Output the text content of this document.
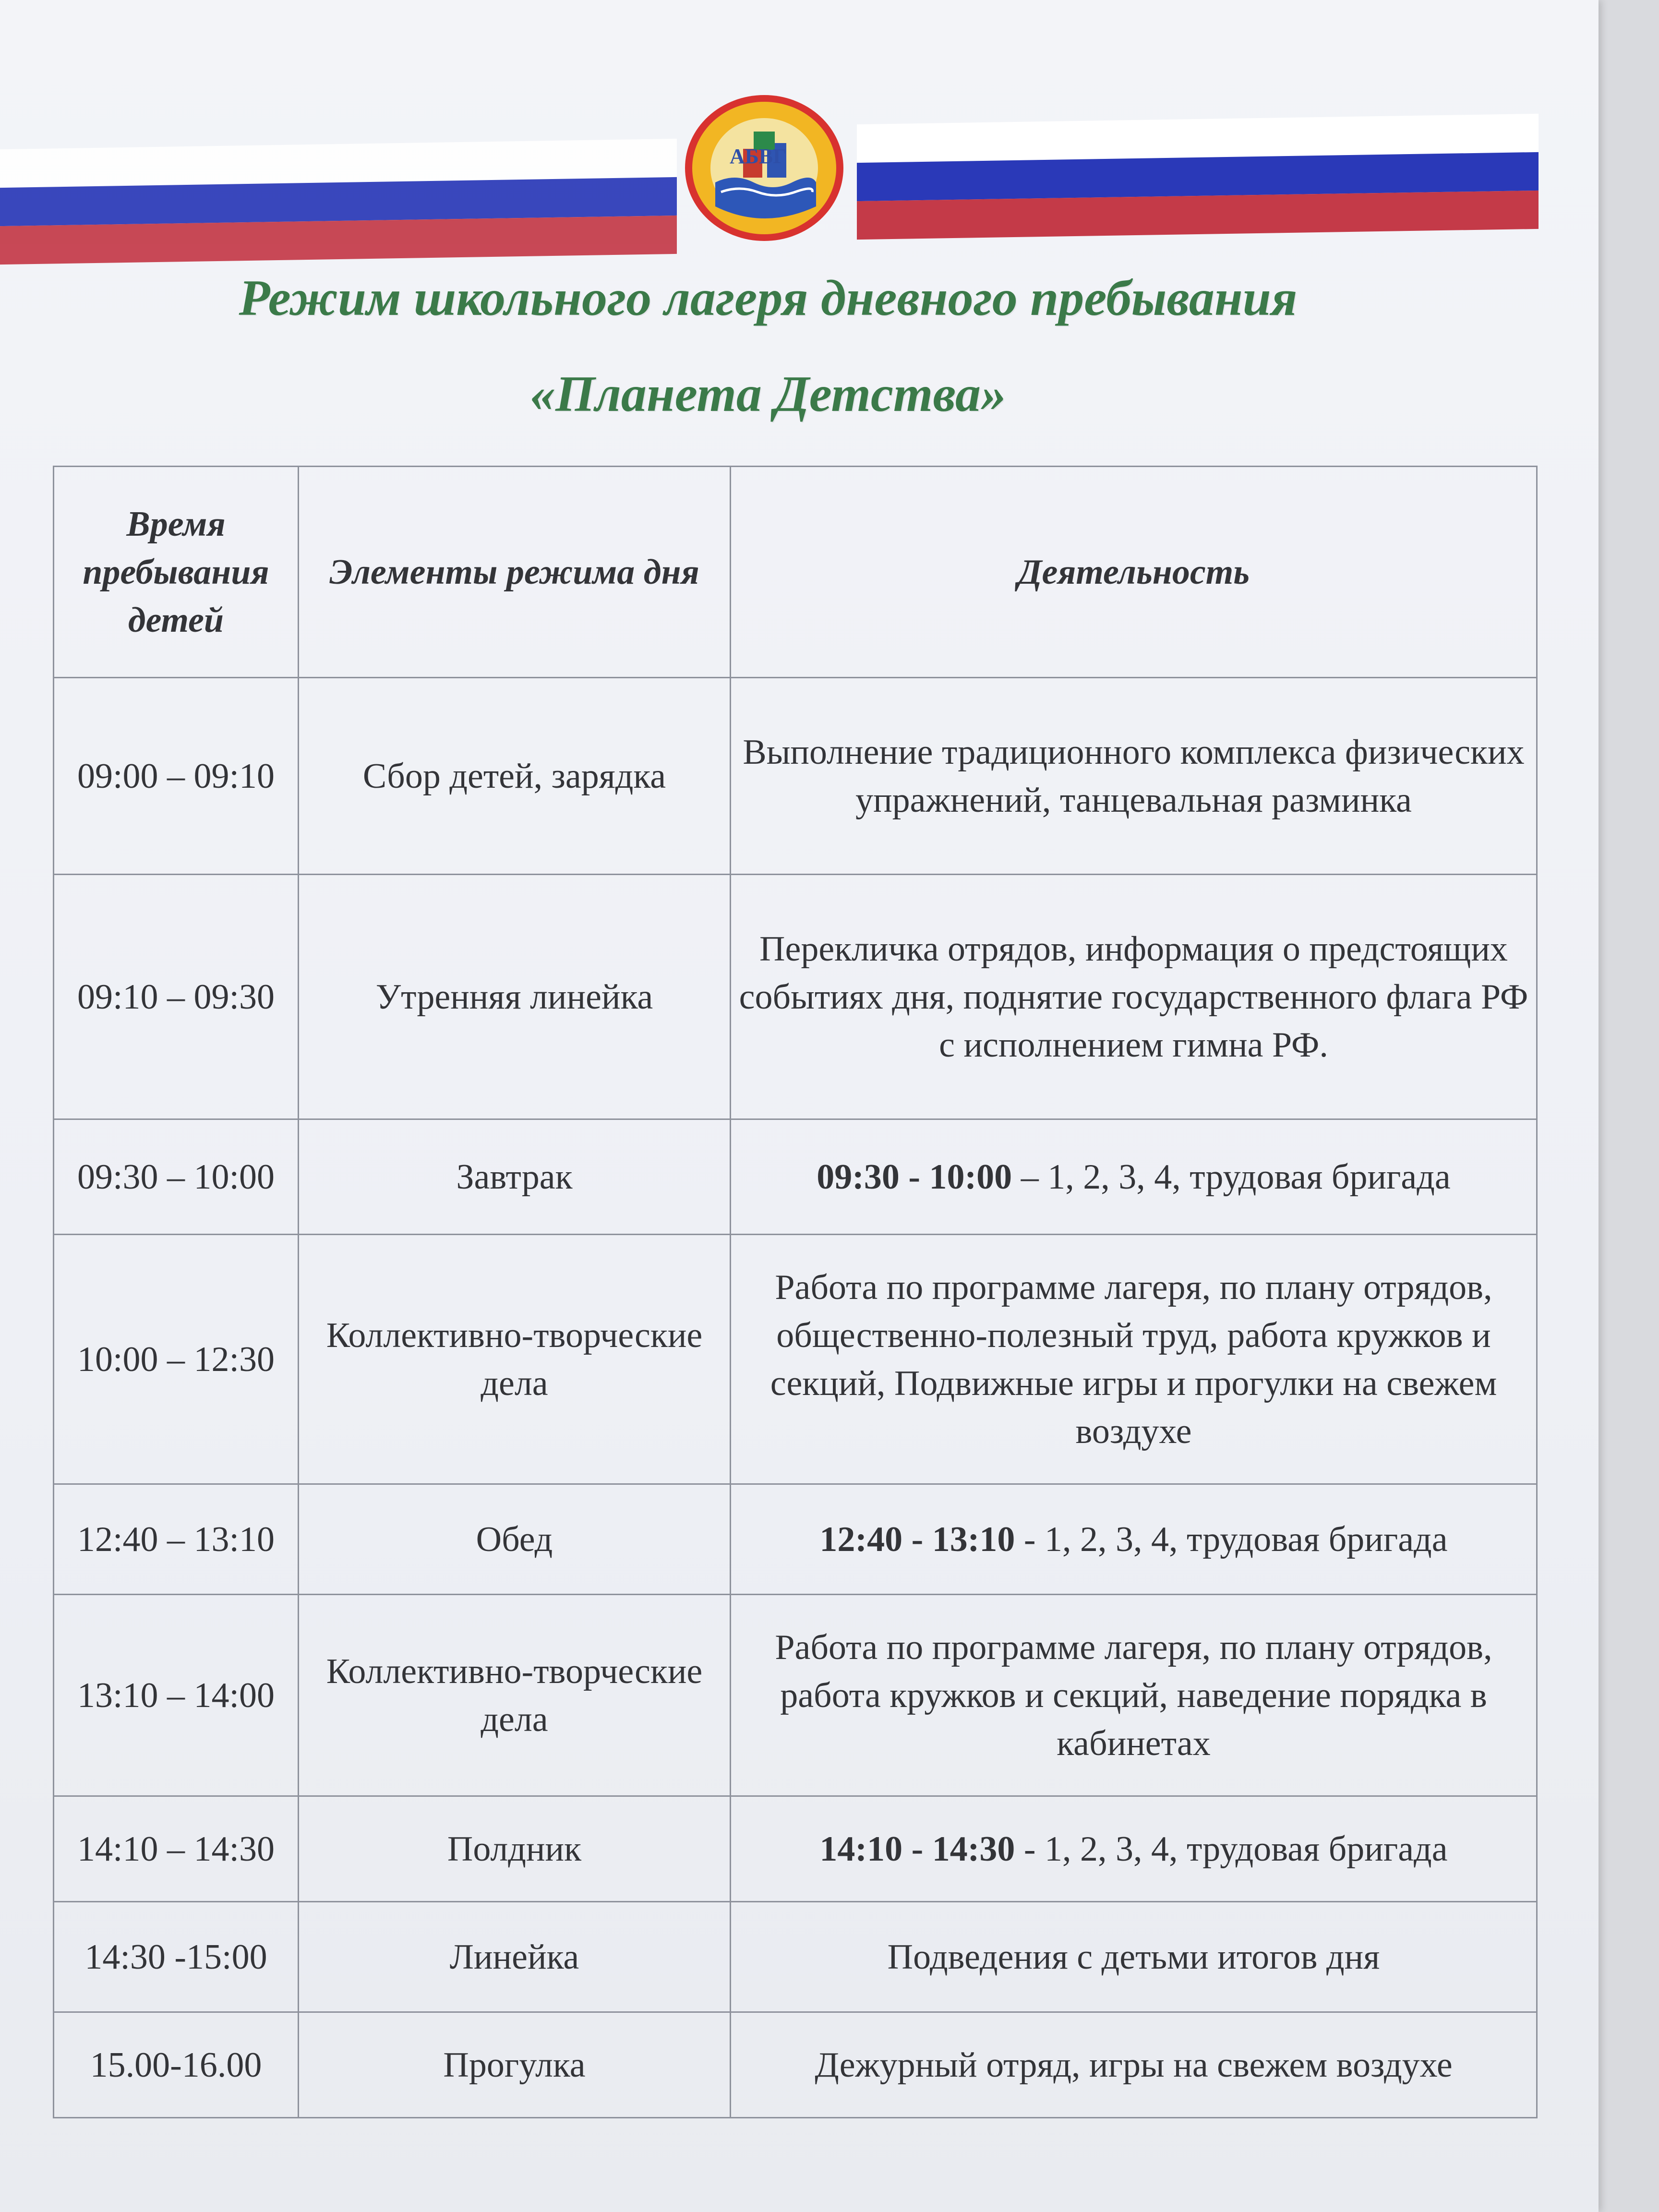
АБВГ
Режим школьного лагеря дневного пребывания
«Планета Детства»
Время пребывания детей	Элементы режима дня	Деятельность
09:00 – 09:10	Сбор детей, зарядка	Выполнение традиционного комплекса физических упражнений, танцевальная разминка
09:10 – 09:30	Утренняя линейка	Перекличка отрядов, информация о предстоящих событиях дня, поднятие государственного флага РФ с исполнением гимна РФ.
09:30 – 10:00	Завтрак	09:30 - 10:00 – 1, 2, 3, 4, трудовая бригада
10:00 – 12:30	Коллективно-творческие дела	Работа по программе лагеря, по плану отрядов, общественно-полезный труд, работа кружков и секций, Подвижные игры и прогулки на свежем воздухе
12:40 – 13:10	Обед	12:40 - 13:10 - 1, 2, 3, 4, трудовая бригада
13:10 – 14:00	Коллективно-творческие дела	Работа по программе лагеря, по плану отрядов, работа кружков и секций, наведение порядка в кабинетах
14:10 – 14:30	Полдник	14:10 - 14:30 - 1, 2, 3, 4, трудовая бригада
14:30 -15:00	Линейка	Подведения с детьми итогов дня
15.00-16.00	Прогулка	Дежурный отряд, игры на свежем воздухе
